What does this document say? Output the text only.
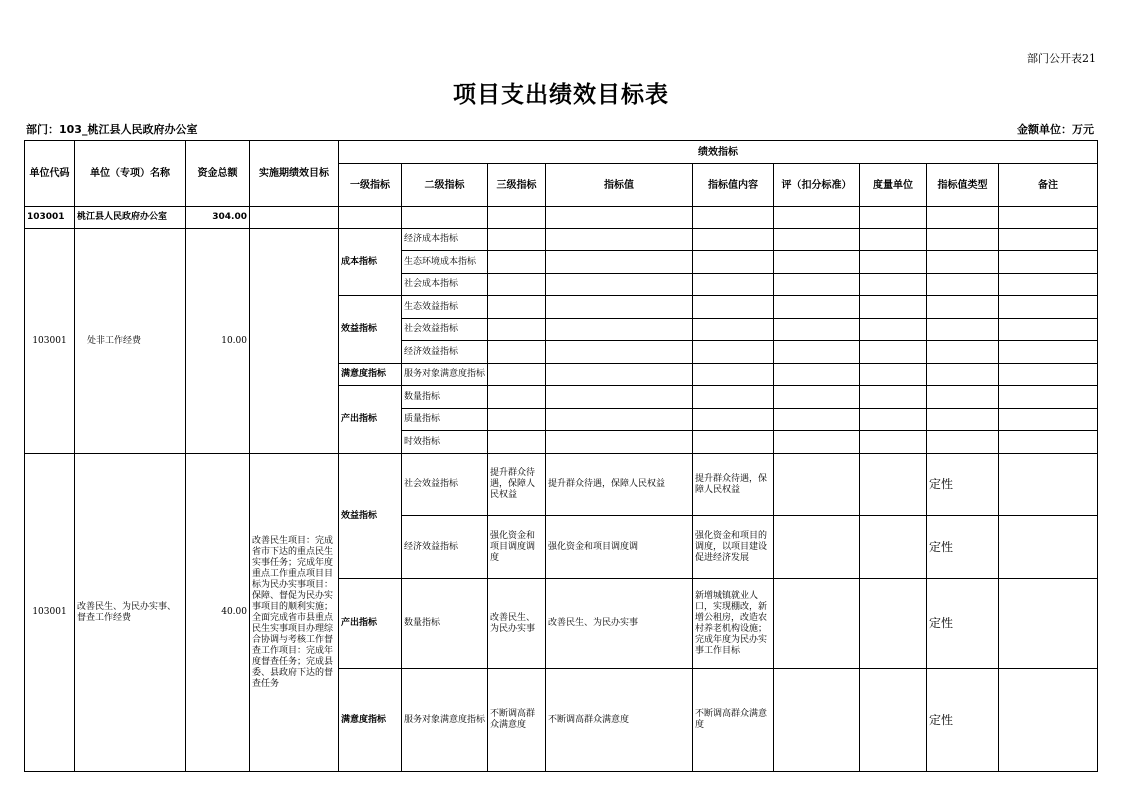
部门公开表21
项目支出绩效目标表
部门：103_桃江县人民政府办公室	金额单位：万元
单位代码	单位（专项）名称	资金总额	实施期绩效目标	绩效指标								
				一级指标	二级指标	三级指标	指标值	指标值内容	评（扣分标准）	度量单位	指标值类型	备注
103001	桃江县人民政府办公室	304.00										
103001	处非工作经费	10.00		成本指标	经济成本指标							
					生态环境成本指标							
					社会成本指标							
				效益指标	生态效益指标							
					社会效益指标							
					经济效益指标							
				满意度指标	服务对象满意度指标							
				产出指标	数量指标							
					质量指标							
					时效指标							
103001	改善民生、为民办实事、督查工作经费	40.00	改善民生项目：完成省市下达的重点民生实事任务；完成年度重点工作重点项目目标为民办实事项目：保障、督促为民办实事项目的顺利实施；全面完成省市县重点民生实事项目办理综合协调与考核工作督查工作项目：完成年度督查任务；完成县委、县政府下达的督查任务	效益指标	社会效益指标	提升群众待遇，保障人民权益	提升群众待遇，保障人民权益	提升群众待遇，保障人民权益			定性	
					经济效益指标	强化资金和项目调度调度	强化资金和项目调度调	强化资金和项目的调度，以项目建设促进经济发展			定性	
				产出指标	数量指标	改善民生、为民办实事	改善民生、为民办实事	新增城镇就业人口，实现棚改，新增公租房，改造农村养老机构设施；完成年度为民办实事工作目标			定性	
				满意度指标	服务对象满意度指标	不断调高群众满意度	不断调高群众满意度	不断调高群众满意度			定性	
